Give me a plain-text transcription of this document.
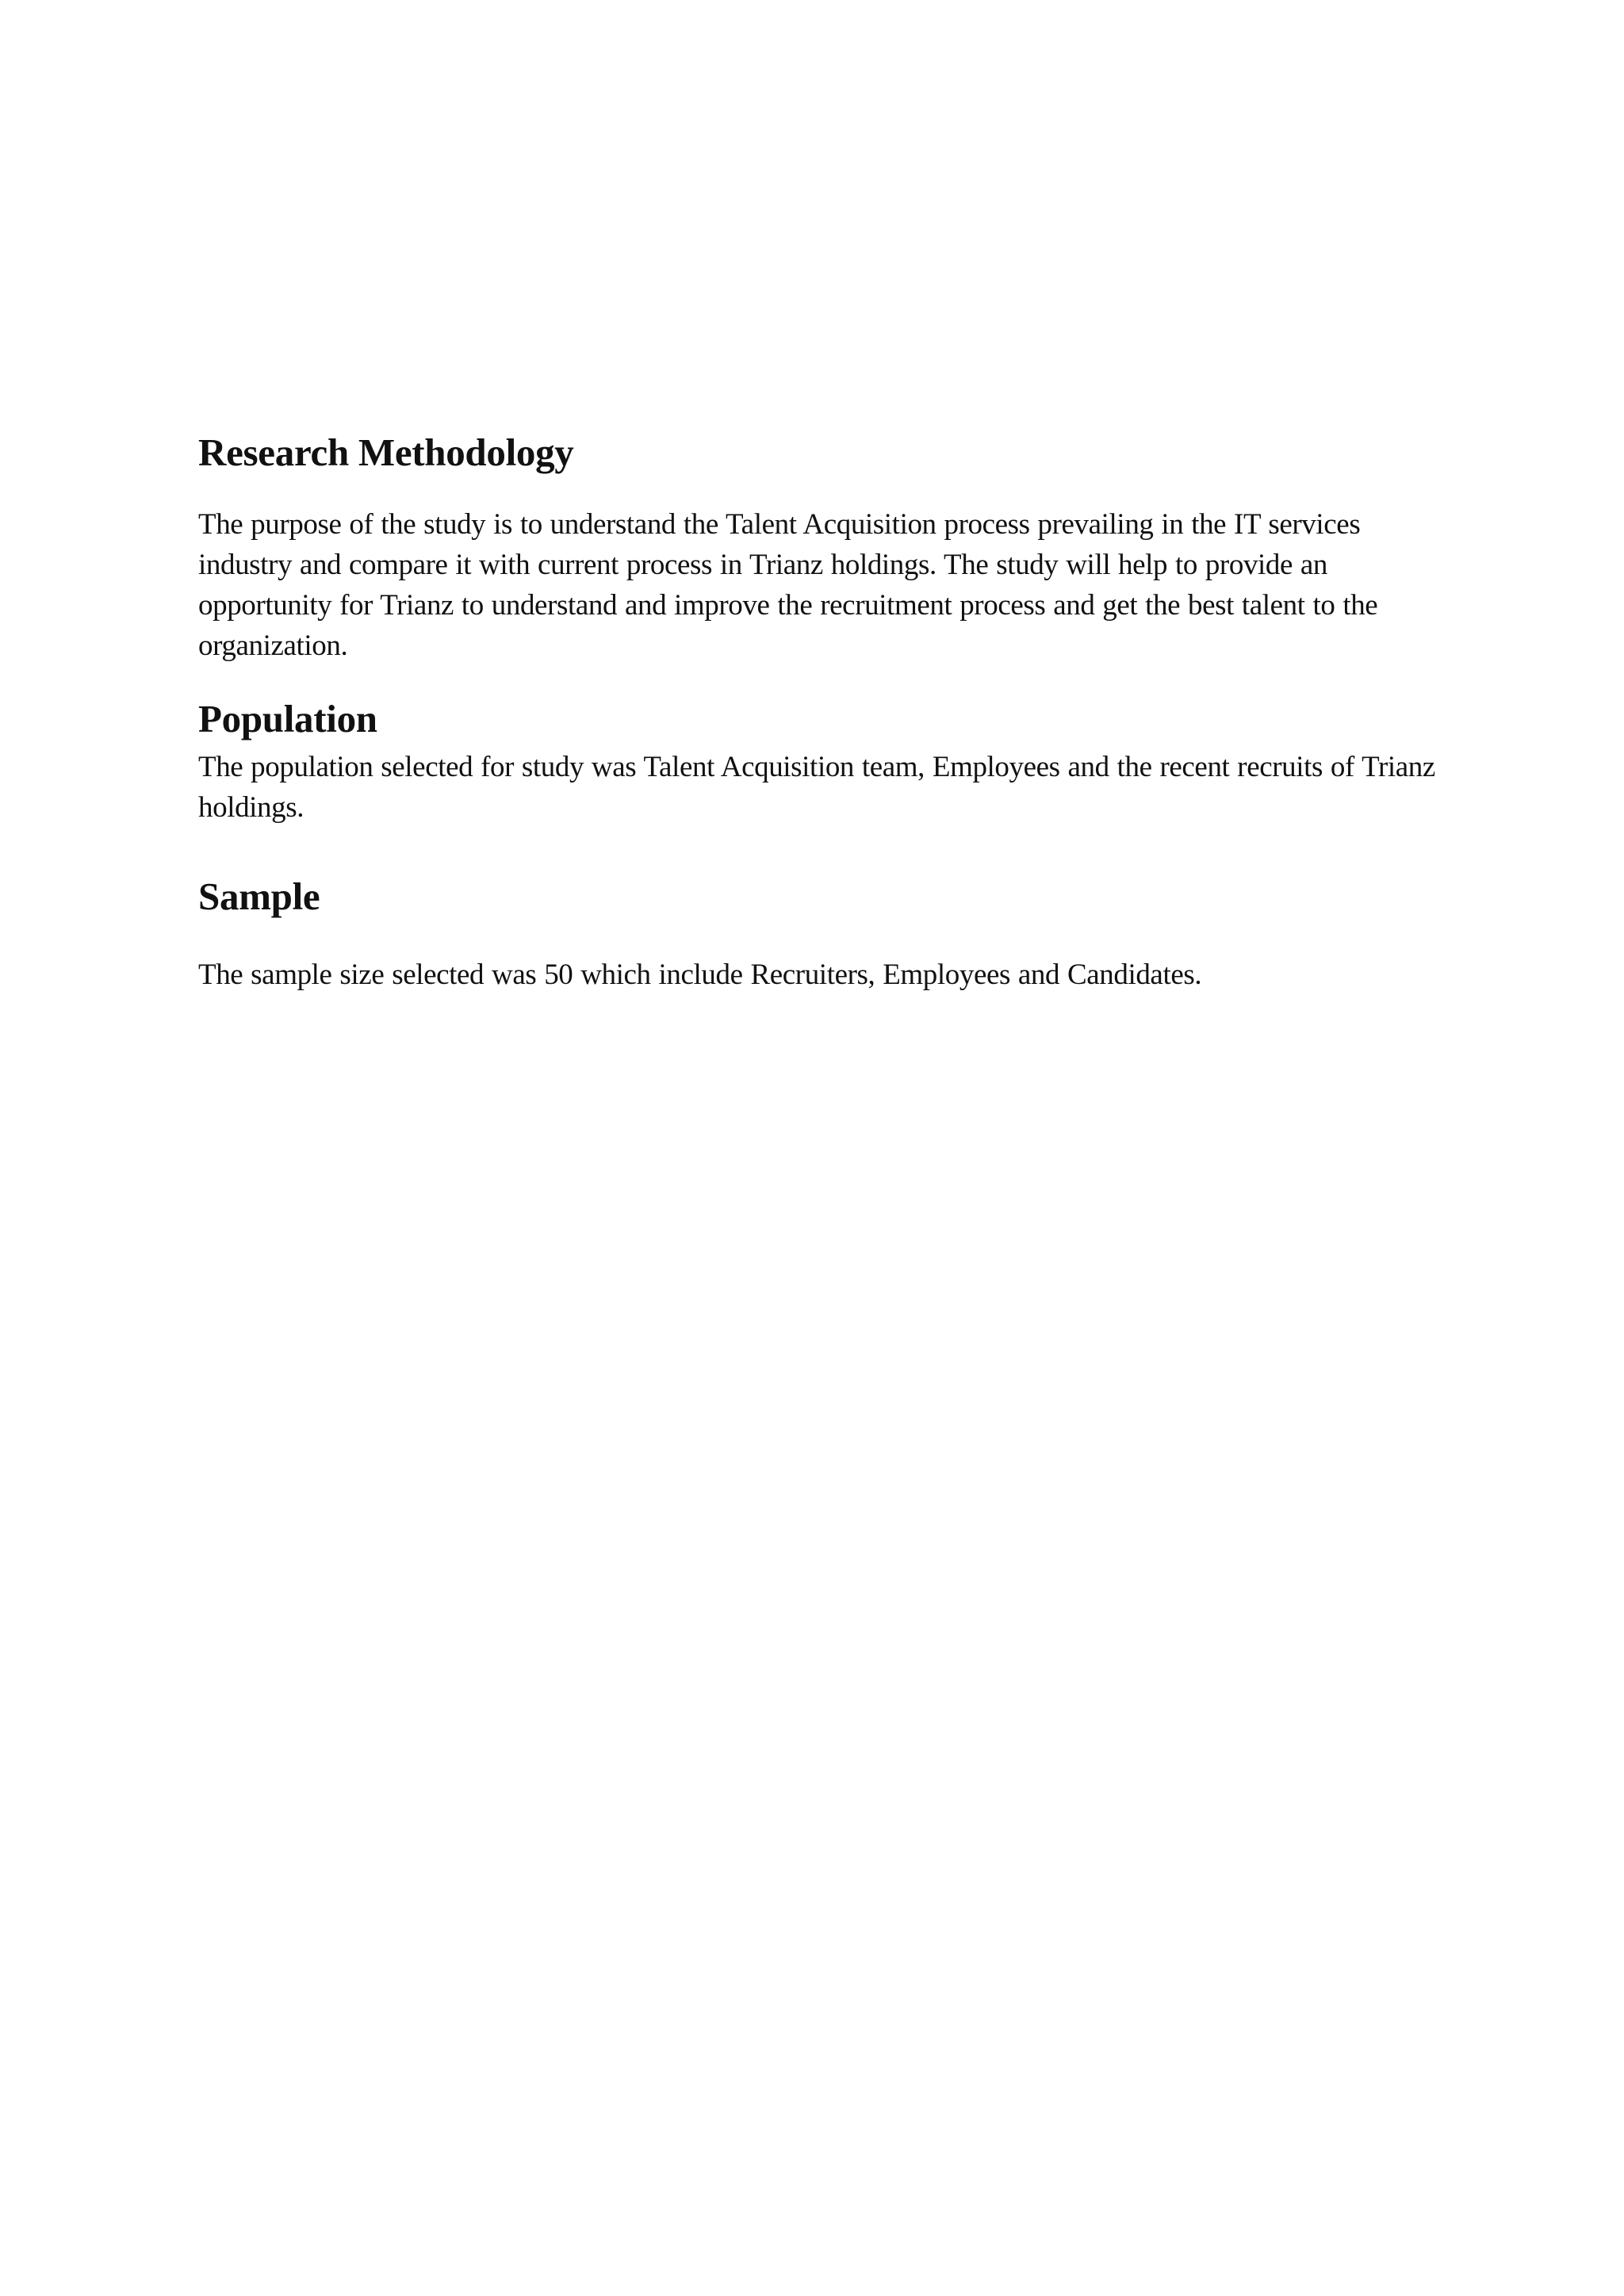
Research Methodology

The purpose of the study is to understand the Talent Acquisition process prevailing in the IT services industry and compare it with current process in Trianz holdings. The study will help to provide an opportunity for Trianz to understand and improve the recruitment process and get the best talent to the organization.

Population

The population selected for study was Talent Acquisition team, Employees and the recent recruits of Trianz holdings.

Sample

The sample size selected was 50 which include Recruiters, Employees and Candidates.
